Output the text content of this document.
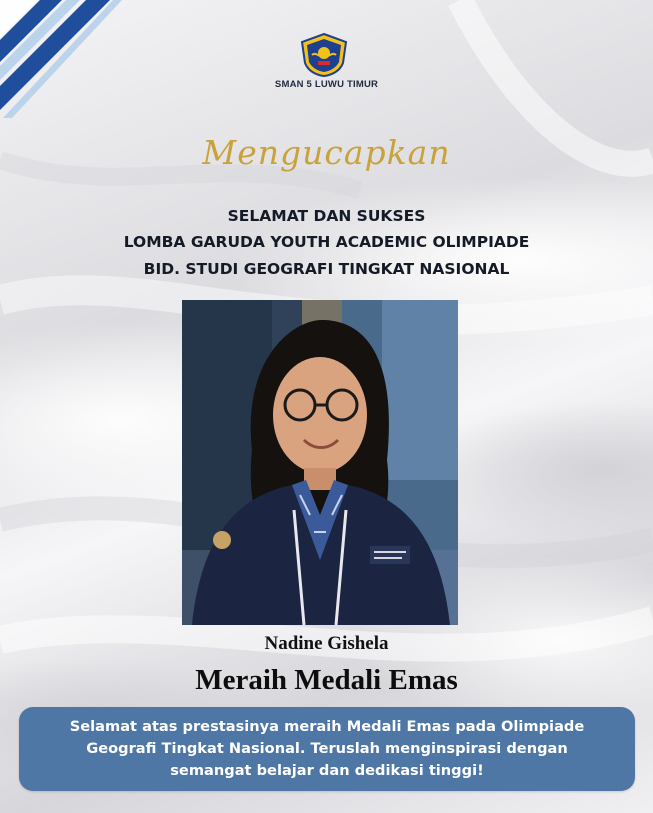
SMAN 5 LUWU TIMUR
Mengucapkan
SELAMAT DAN SUKSES
LOMBA GARUDA YOUTH ACADEMIC OLIMPIADE
BID. STUDI GEOGRAFI TINGKAT NASIONAL
Nadine Gishela
Meraih Medali Emas
Selamat atas prestasinya meraih Medali Emas pada Olimpiade Geografi Tingkat Nasional. Teruslah menginspirasi dengan semangat belajar dan dedikasi tinggi!
